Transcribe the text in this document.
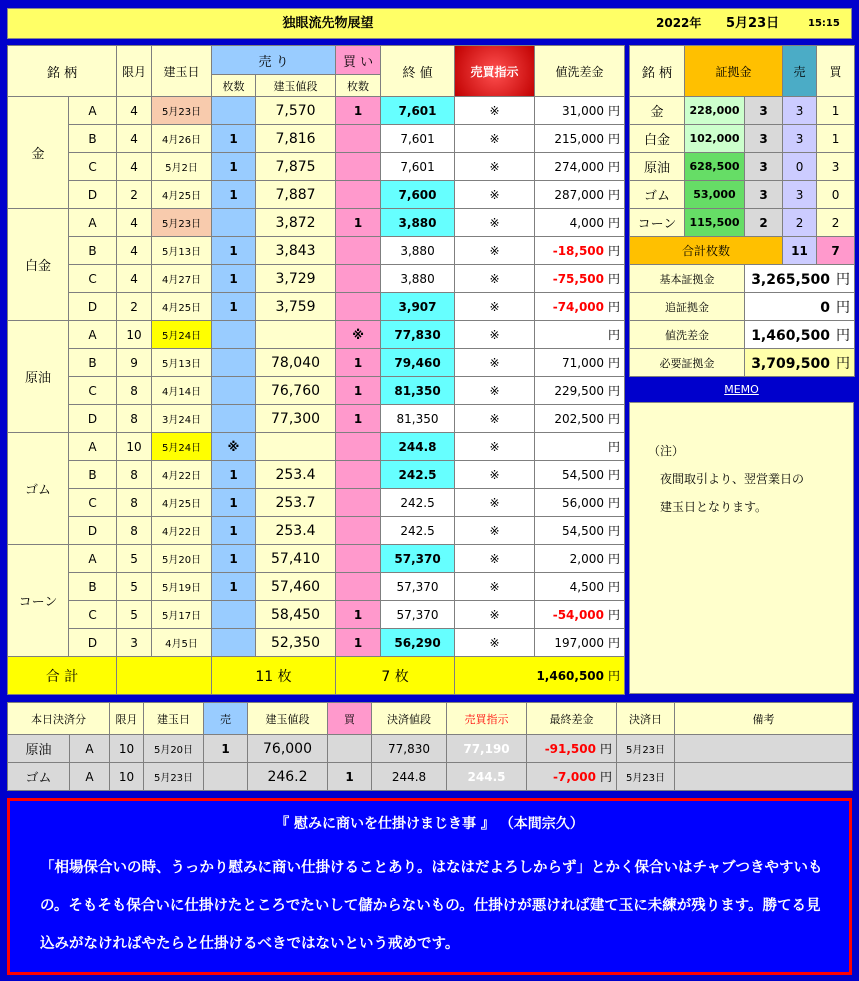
独眼流先物展望	2022年 5月23日	15:15
銘 柄		限月	建玉日	売 り		買 い	終 値	売買指示	値洗差金
				枚数	建玉値段	枚数			
金	A	4	5月23日		7,570	1	7,601	※	31,000 円
	B	4	4月26日	1	7,816		7,601	※	215,000 円
	C	4	5月2日	1	7,875		7,601	※	274,000 円
	D	2	4月25日	1	7,887		7,600	※	287,000 円
白金	A	4	5月23日		3,872	1	3,880	※	4,000 円
	B	4	5月13日	1	3,843		3,880	※	-18,500 円
	C	4	4月27日	1	3,729		3,880	※	-75,500 円
	D	2	4月25日	1	3,759		3,907	※	-74,000 円
原油	A	10	5月24日			※	77,830	※	円
	B	9	5月13日		78,040	1	79,460	※	71,000 円
	C	8	4月14日		76,760	1	81,350	※	229,500 円
	D	8	3月24日		77,300	1	81,350	※	202,500 円
ゴム	A	10	5月24日	※			244.8	※	円
	B	8	4月22日	1	253.4		242.5	※	54,500 円
	C	8	4月25日	1	253.7		242.5	※	56,000 円
	D	8	4月22日	1	253.4		242.5	※	54,500 円
コーン	A	5	5月20日	1	57,410		57,370	※	2,000 円
	B	5	5月19日	1	57,460		57,370	※	4,500 円
	C	5	5月17日		58,450	1	57,370	※	-54,000 円
	D	3	4月5日		52,350	1	56,290	※	197,000 円
合 計				11 枚		7 枚		1,460,500 円	
銘 柄	証拠金		売	買
金	228,000	3	3	1
白金	102,000	3	3	1
原油	628,500	3	0	3
ゴム	53,000	3	3	0
コーン	115,500	2	2	2
合計枚数			11	7
基本証拠金		3,265,500 円		
追証拠金		0 円		
値洗差金		1,460,500 円		
必要証拠金		3,709,500 円		
MEMO
（注）
　夜間取引より、翌営業日の
　建玉日となります。
本日決済分		限月	建玉日	売	建玉値段	買	決済値段	売買指示	最終差金	決済日	備考
原油	A	10	5月20日	1	76,000		77,830	77,190	-91,500 円	5月23日	
ゴム	A	10	5月23日		246.2	1	244.8	244.5	-7,000 円	5月23日	
『 慰みに商いを仕掛けまじき事 』 （本間宗久）
「相場保合いの時、うっかり慰みに商い仕掛けることあり。はなはだよろしからず」とかく保合いはチャブつきやすいもの。そもそも保合いに仕掛けたところでたいして儲からないもの。仕掛けが悪ければ建て玉に未練が残ります。勝てる見込みがなければやたらと仕掛けるべきではないという戒めです。
